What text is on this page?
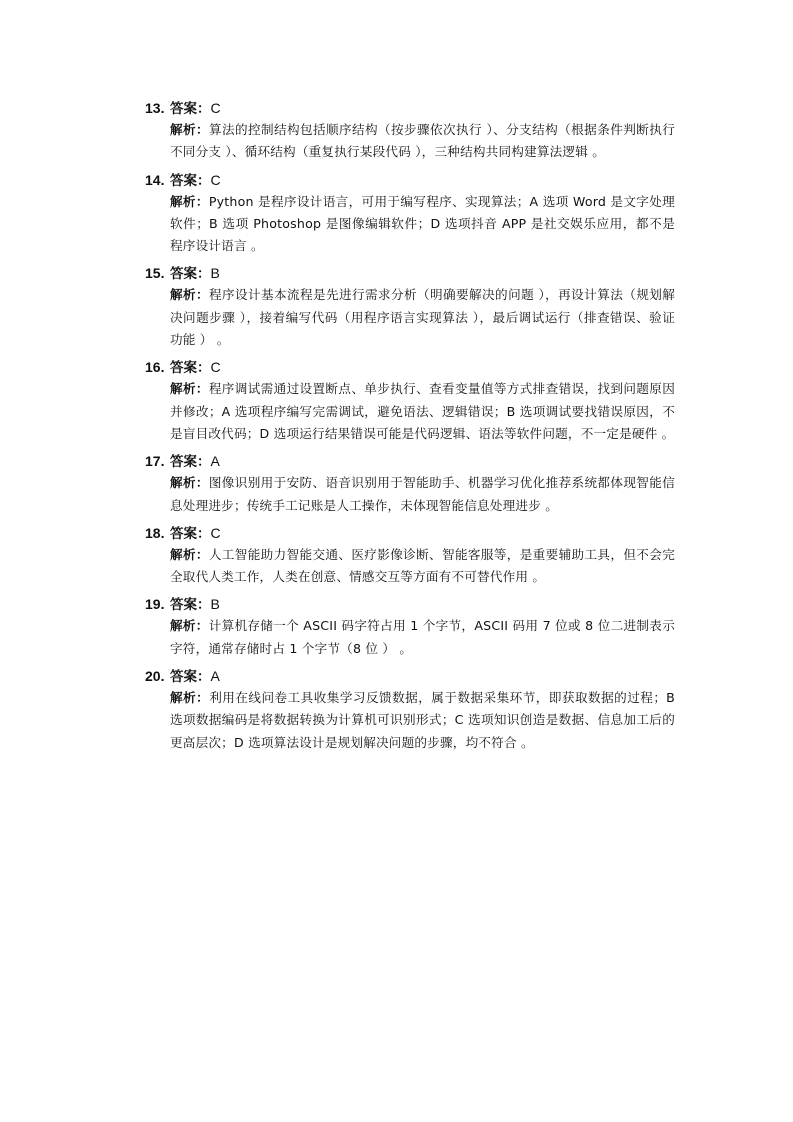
13. 答案：C
解析：算法的控制结构包括顺序结构（按步骤依次执行 ）、分支结构（根据条件判断执行不同分支 ）、循环结构（重复执行某段代码 ），三种结构共同构建算法逻辑 。
14. 答案：C
解析：Python 是程序设计语言，可用于编写程序、实现算法；A 选项 Word 是文字处理软件；B 选项 Photoshop 是图像编辑软件；D 选项抖音 APP 是社交娱乐应用，都不是程序设计语言 。
15. 答案：B
解析：程序设计基本流程是先进行需求分析（明确要解决的问题 ），再设计算法（规划解决问题步骤 ），接着编写代码（用程序语言实现算法 ），最后调试运行（排查错误、验证功能 ） 。
16. 答案：C
解析：程序调试需通过设置断点、单步执行、查看变量值等方式排查错误，找到问题原因并修改；A 选项程序编写完需调试，避免语法、逻辑错误；B 选项调试要找错误原因，不是盲目改代码；D 选项运行结果错误可能是代码逻辑、语法等软件问题，不一定是硬件 。
17. 答案：A
解析：图像识别用于安防、语音识别用于智能助手、机器学习优化推荐系统都体现智能信息处理进步；传统手工记账是人工操作，未体现智能信息处理进步 。
18. 答案：C
解析：人工智能助力智能交通、医疗影像诊断、智能客服等，是重要辅助工具，但不会完全取代人类工作，人类在创意、情感交互等方面有不可替代作用 。
19. 答案：B
解析：计算机存储一个 ASCII 码字符占用 1 个字节，ASCII 码用 7 位或 8 位二进制表示字符，通常存储时占 1 个字节（8 位 ） 。
20. 答案：A
解析：利用在线问卷工具收集学习反馈数据，属于数据采集环节，即获取数据的过程；B 选项数据编码是将数据转换为计算机可识别形式；C 选项知识创造是数据、信息加工后的更高层次；D 选项算法设计是规划解决问题的步骤，均不符合 。
